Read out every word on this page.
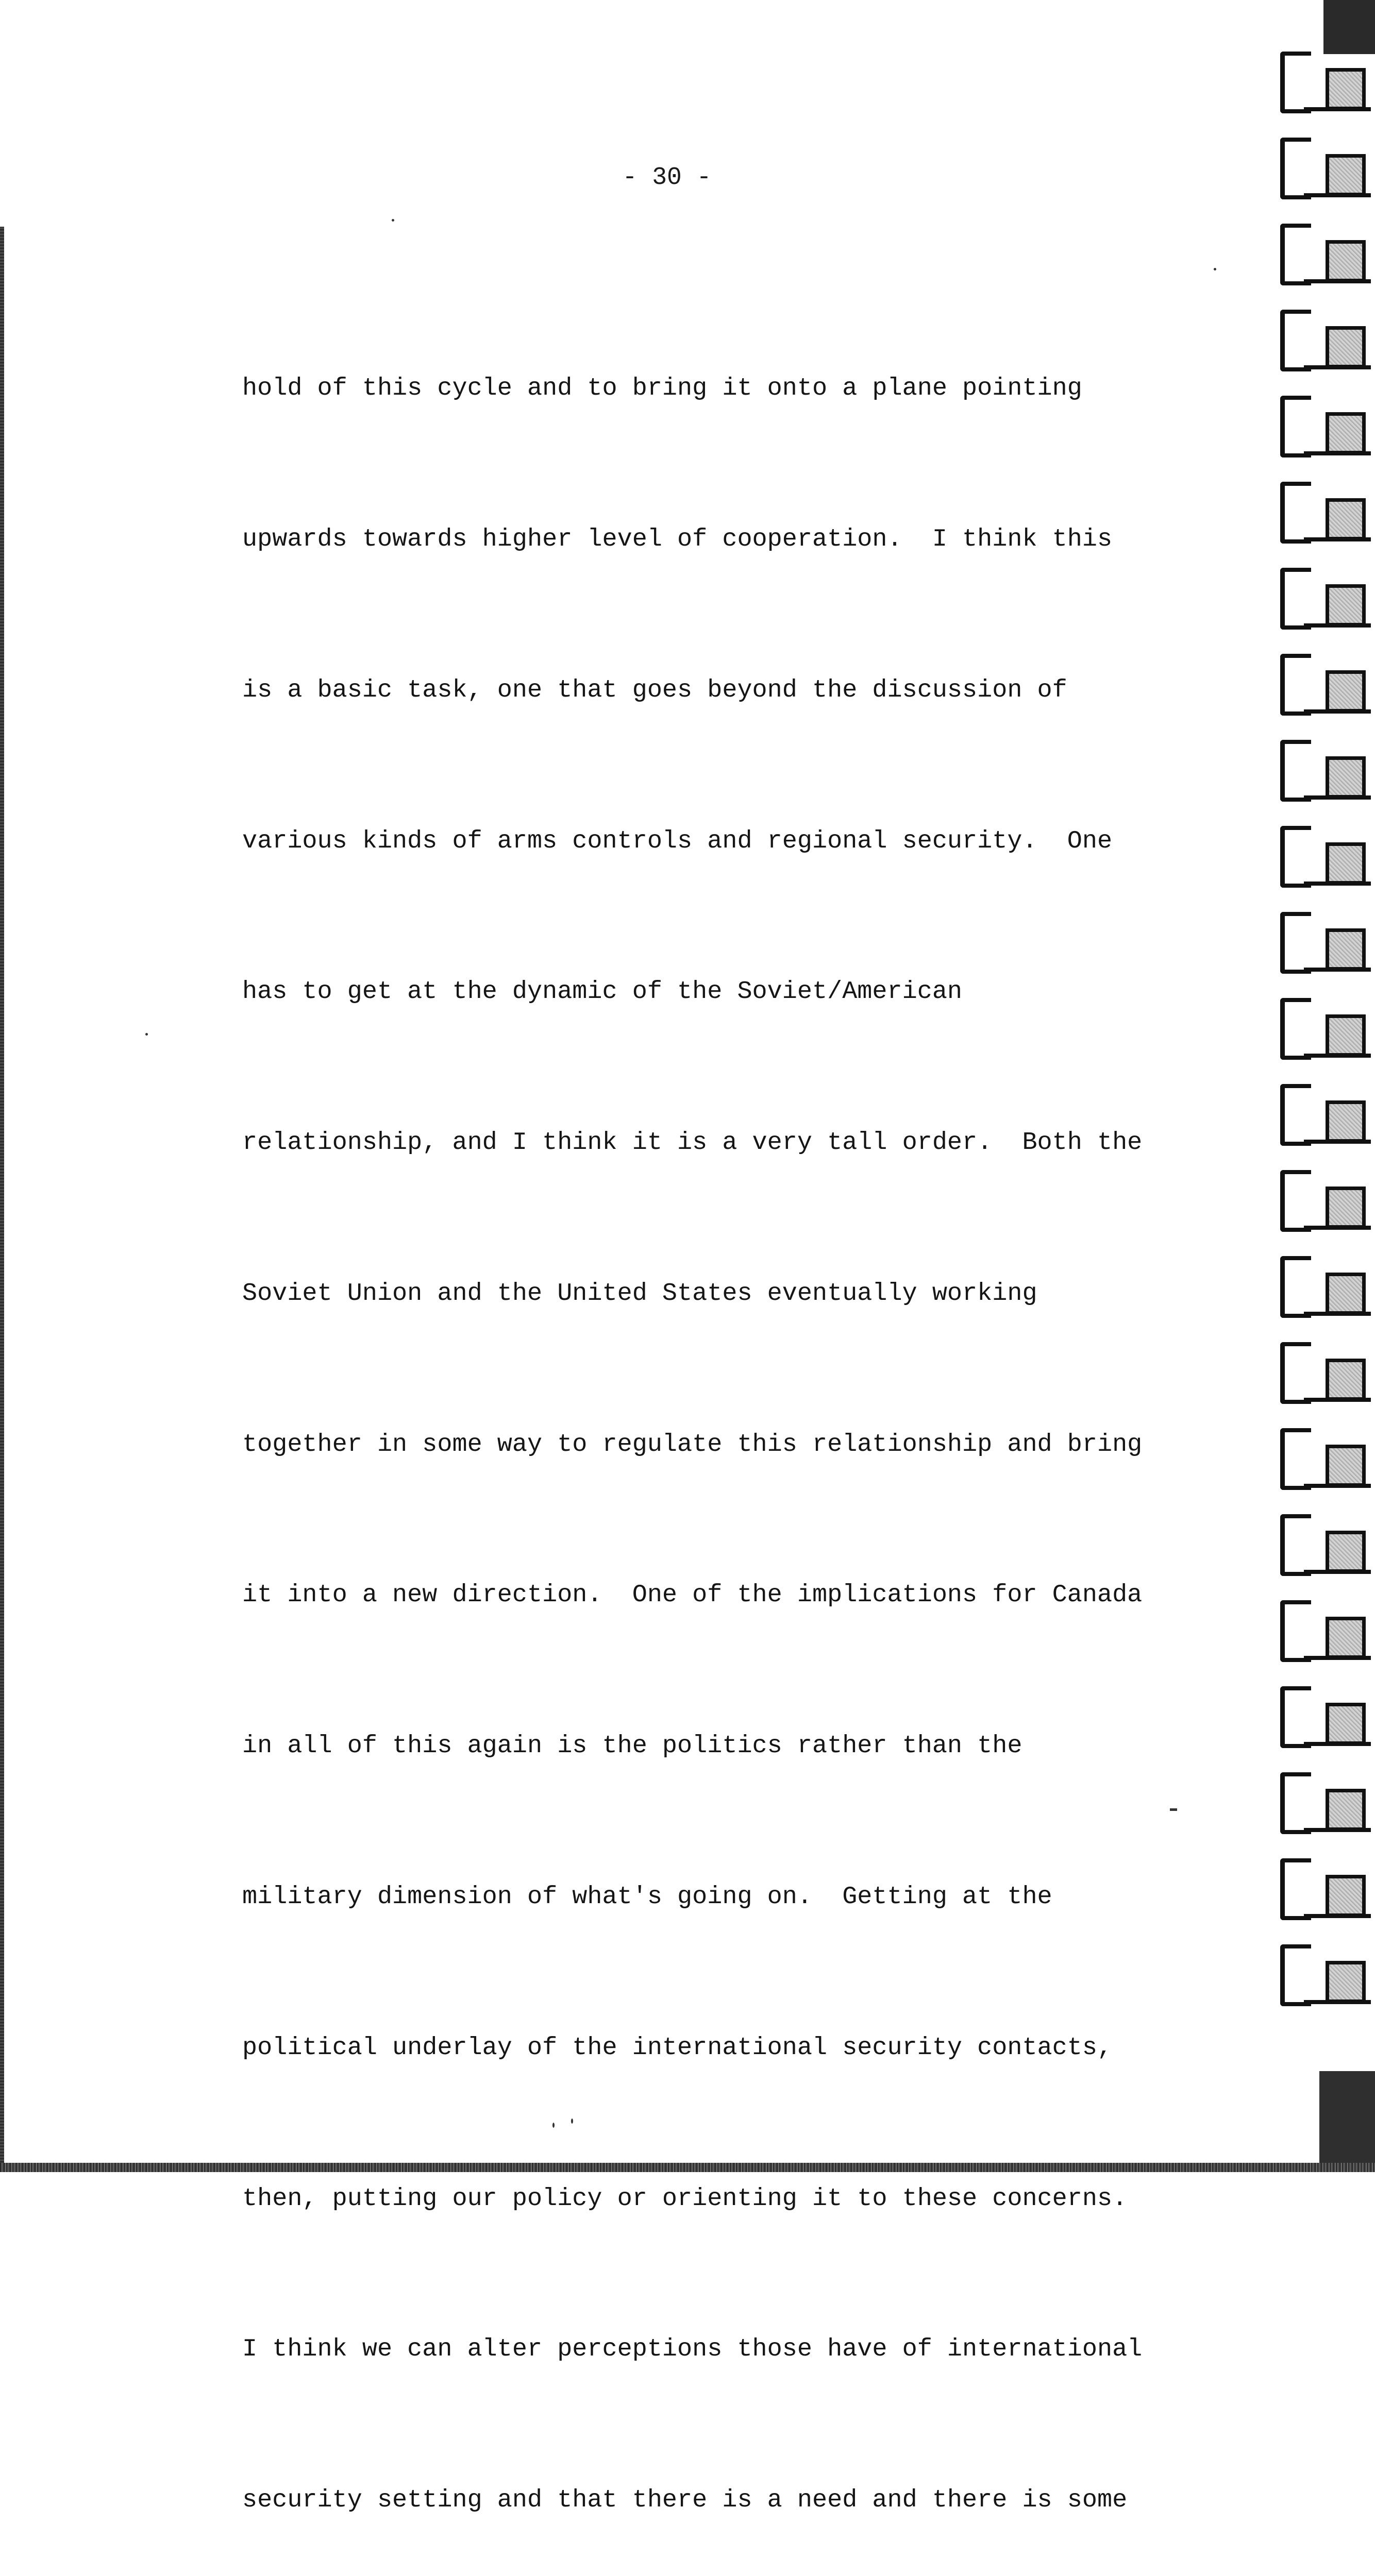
- 30 -

hold of this cycle and to bring it onto a plane pointing

upwards towards higher level of cooperation.  I think this

is a basic task, one that goes beyond the discussion of

various kinds of arms controls and regional security.  One

has to get at the dynamic of the Soviet/American

relationship, and I think it is a very tall order.  Both the

Soviet Union and the United States eventually working

together in some way to regulate this relationship and bring

it into a new direction.  One of the implications for Canada

in all of this again is the politics rather than the

military dimension of what's going on.  Getting at the

political underlay of the international security contacts,

then, putting our policy or orienting it to these concerns.

I think we can alter perceptions those have of international

security setting and that there is a need and there is some
